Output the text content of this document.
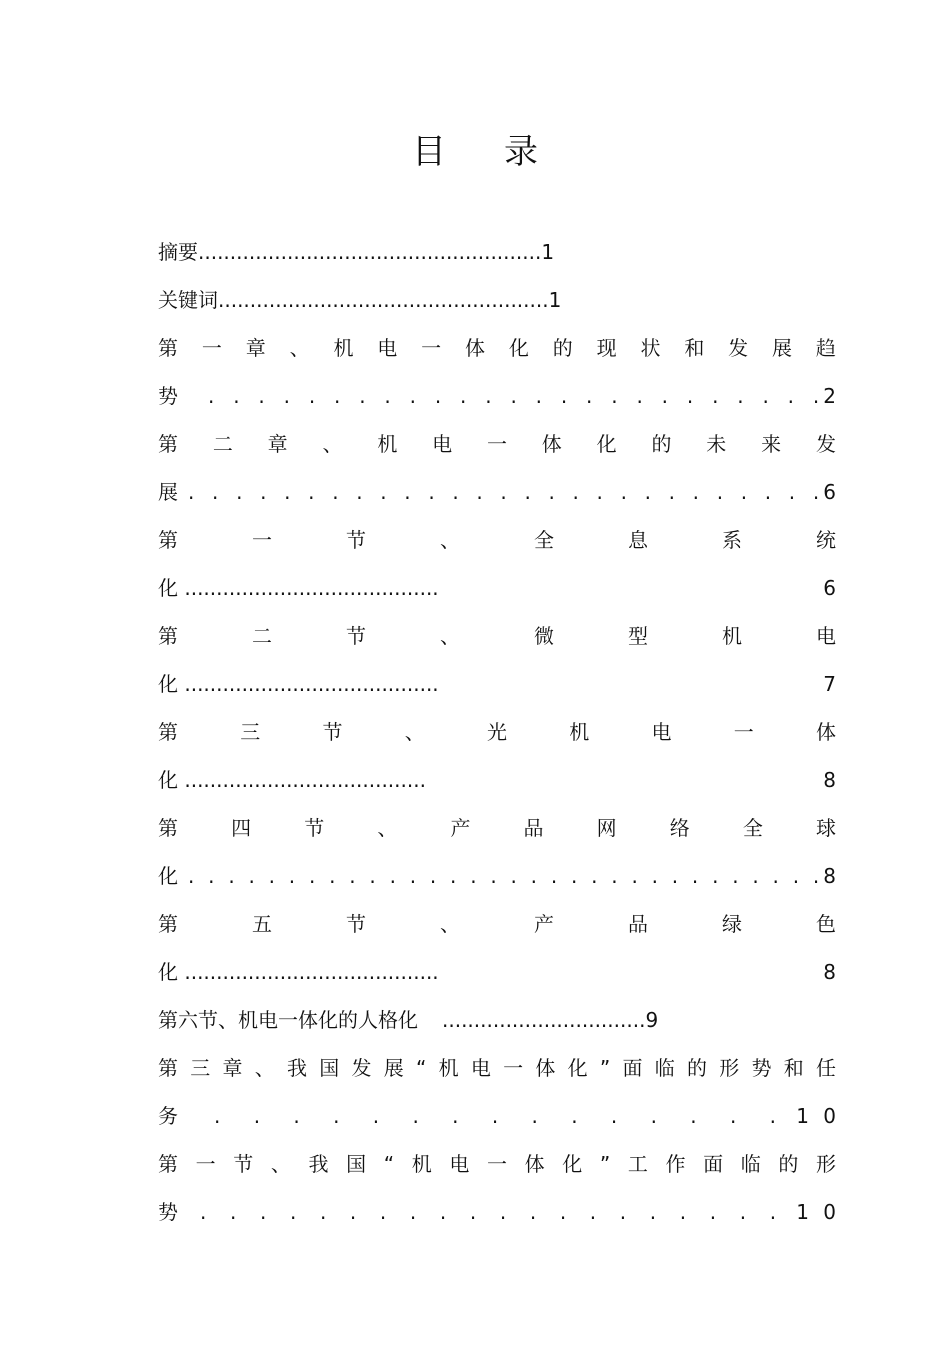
目 录
摘要......................................................1
关键词....................................................1
第 一 章 、 机 电 一 体 化 的 现 状 和 发 展 趋
势 . . . . . . . . . . . . . . . . . . . . . . . . . 2
第 二 章 、 机 电 一 体 化 的 未 来 发
展 . . . . . . . . . . . . . . . . . . . . . . . . . . . 6
第	一	节	、	全	息	系	统
化 ........................................	6
第	二	节	、	微	型	机	电
化 ........................................	7
第	三	节	、	光	机	电	一	体
化 ......................................	8
第	四	节	、	产	品	网	络	全	球
化 . . . . . . . . . . . . . . . . . . . . . . . . . . . . . . . . 8
第	五	节	、	产	品	绿	色
化 ........................................	8
第六节、机电一体化的人格化 ................................9
第 三 章 、 我 国 发 展 “ 机 电 一 体 化 ” 面 临 的 形 势 和 任
务 . . . . . . . . . . . . . . . 1 0
第 一 节 、 我 国 “ 机 电 一 体 化 ” 工 作 面 临 的 形
势 . . . . . . . . . . . . . . . . . . . . 1 0
